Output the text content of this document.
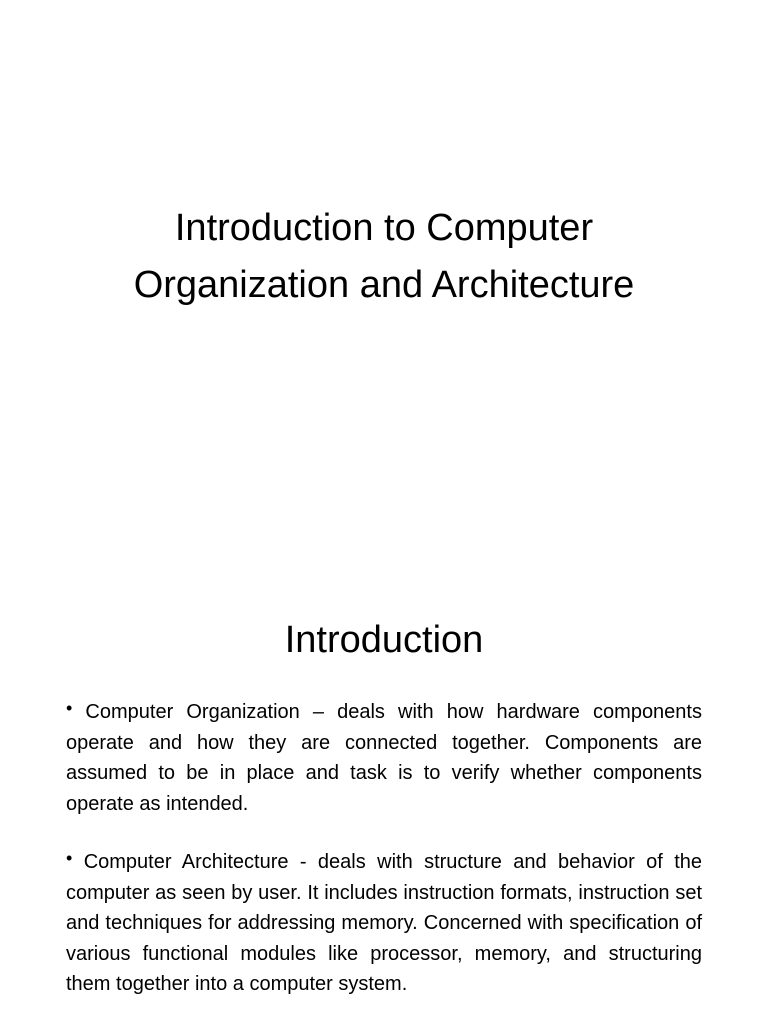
Introduction to Computer
Organization and Architecture
Introduction
• Computer Organization – deals with how hardware components operate and how they are connected together. Components are assumed to be in place and task is to verify whether components operate as intended.
• Computer Architecture - deals with structure and behavior of the computer as seen by user. It includes instruction formats, instruction set and techniques for addressing memory. Concerned with specification of various functional modules like processor, memory, and structuring them together into a computer system.
